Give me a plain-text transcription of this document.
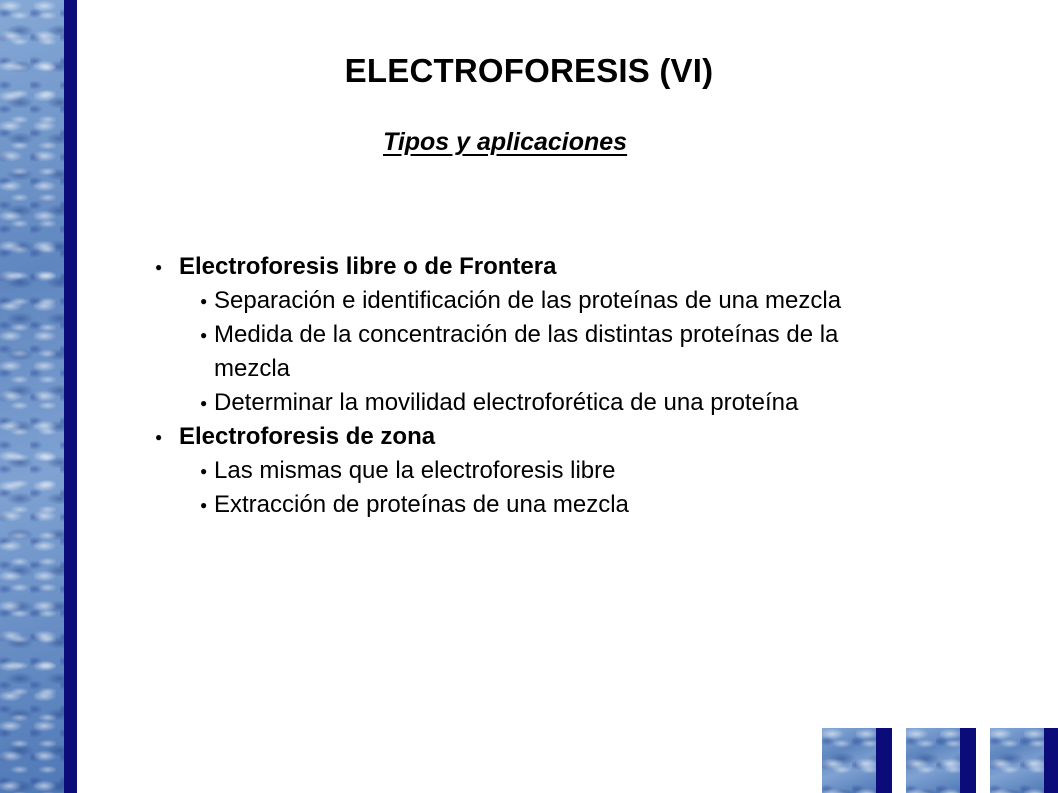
ELECTROFORESIS (VI)
Tipos y aplicaciones
● Electroforesis libre o de Frontera
● Separación e identificación de las proteínas de una mezcla
● Medida de la concentración de las distintas proteínas de la mezcla
● Determinar la movilidad electroforética de una proteína
● Electroforesis de zona
● Las mismas que la electroforesis libre
● Extracción de proteínas de una mezcla
